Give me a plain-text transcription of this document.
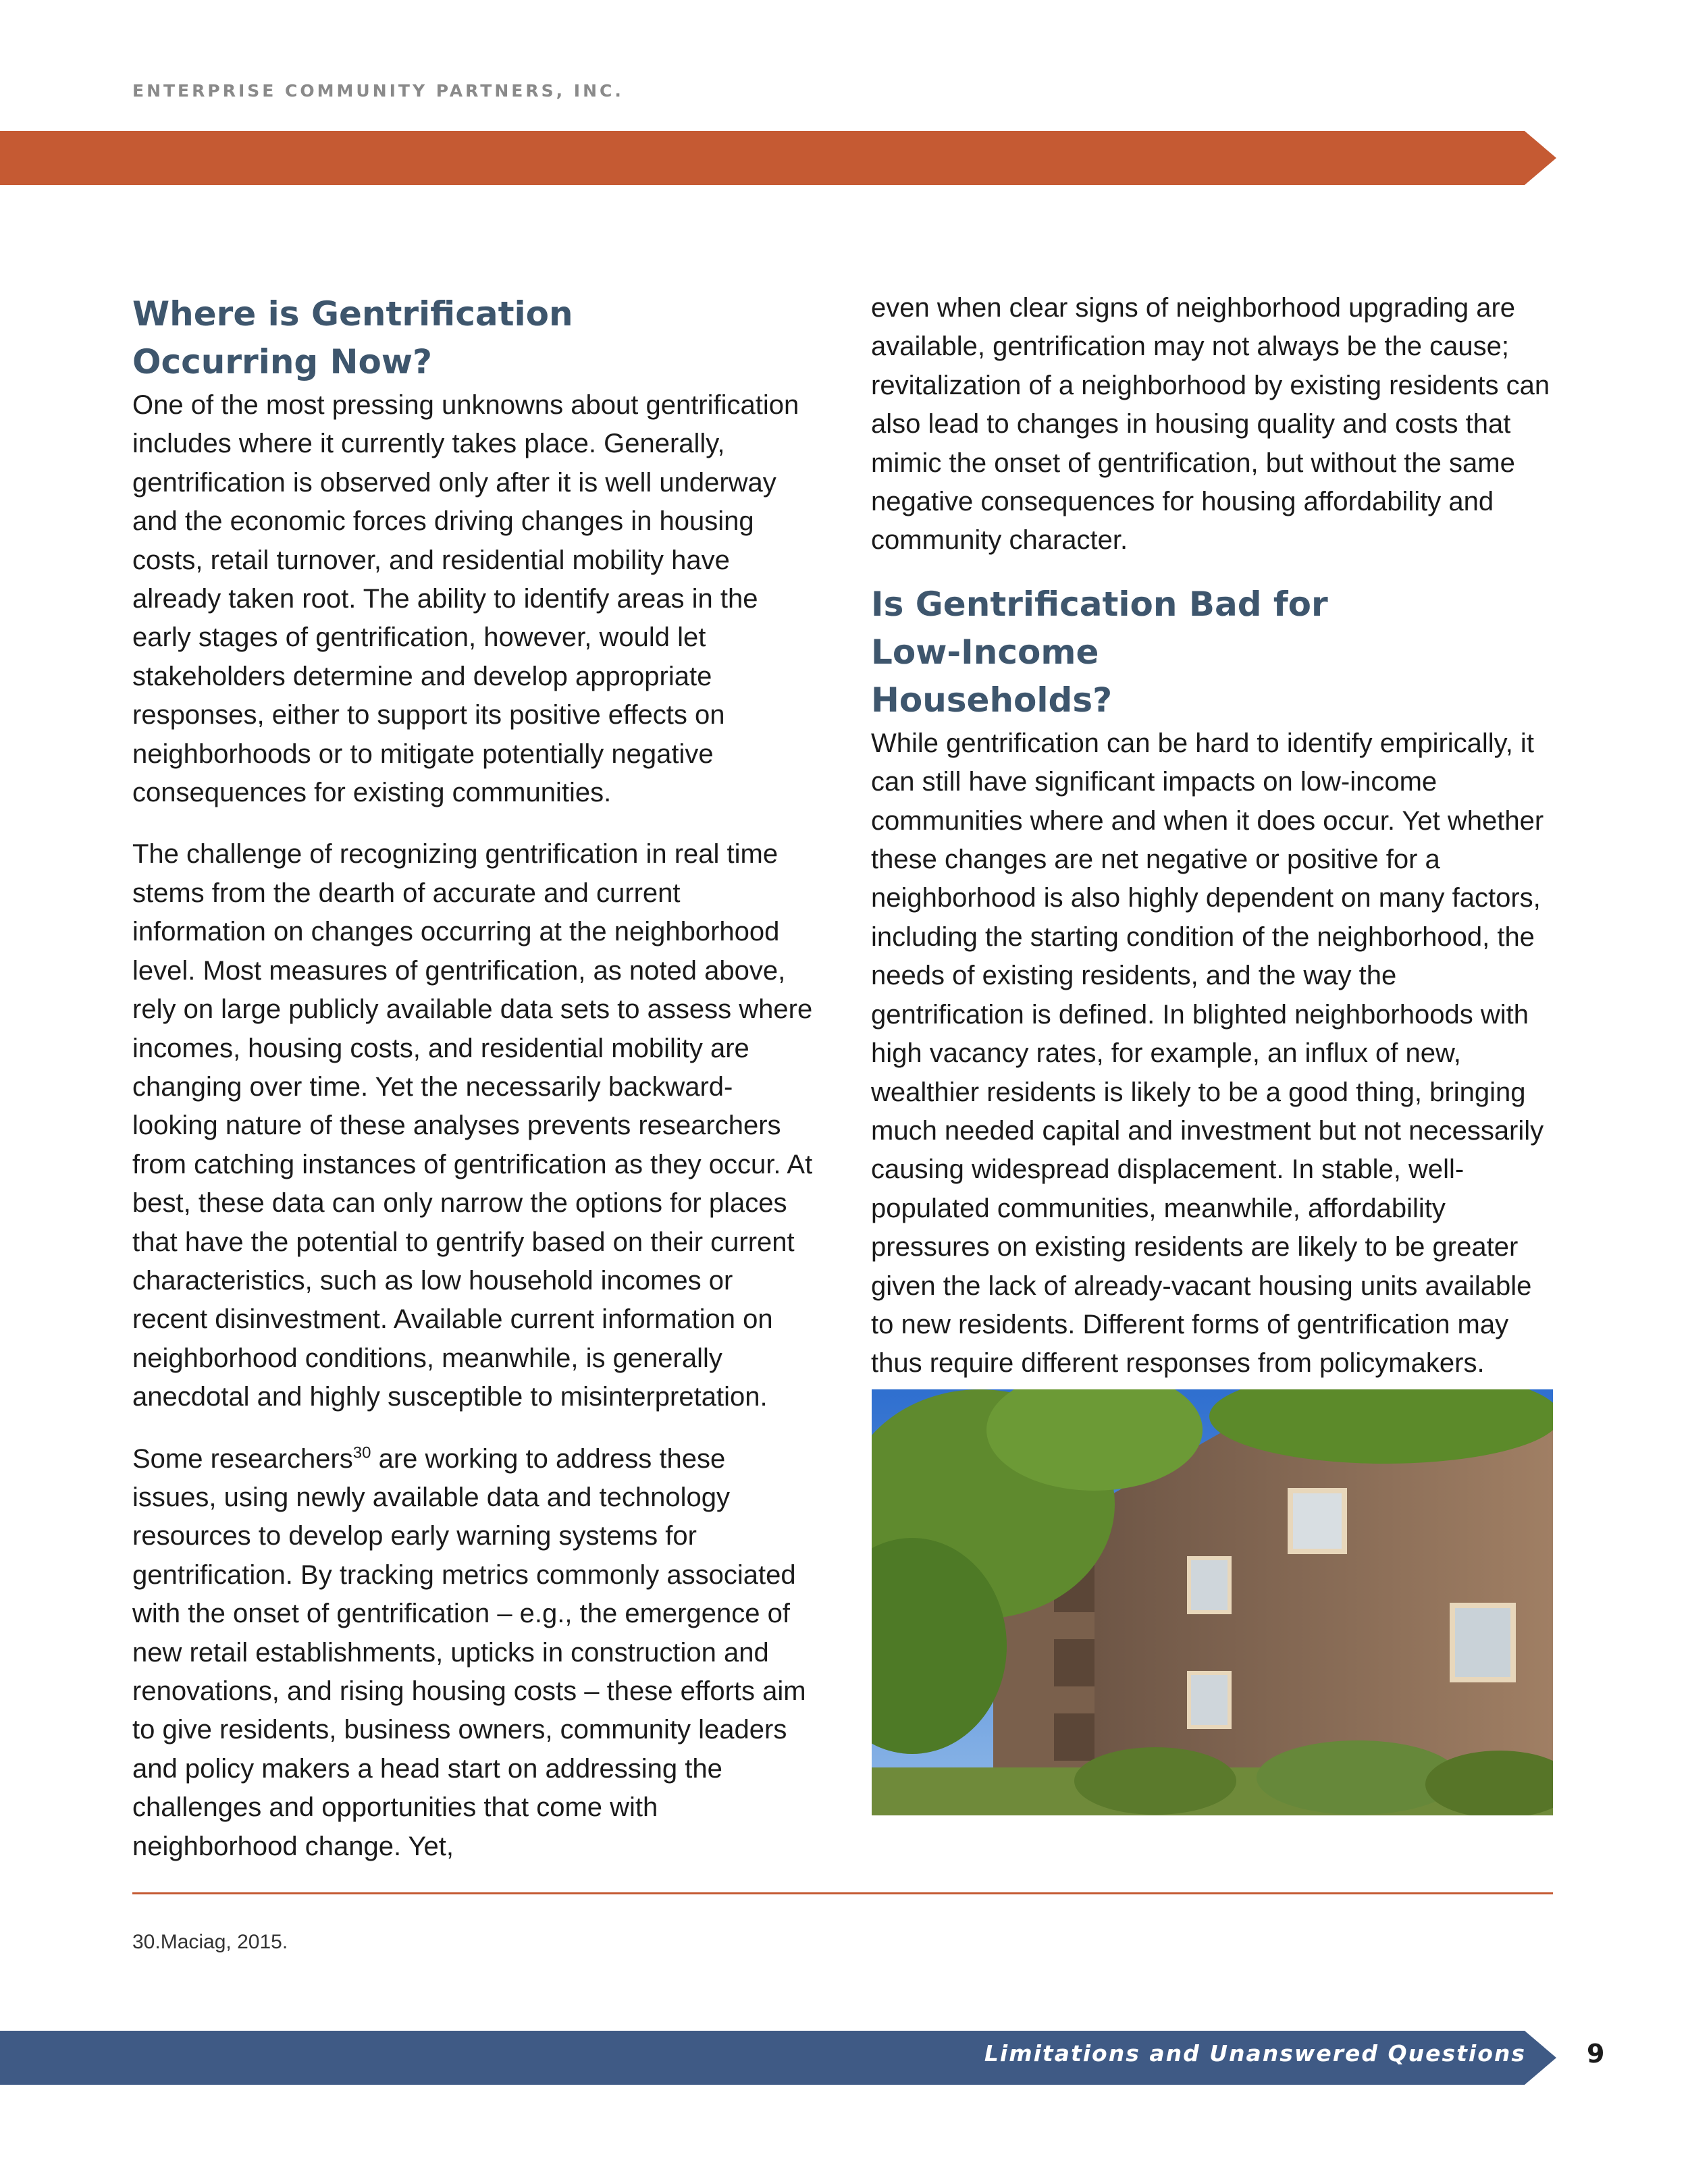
ENTERPRISE COMMUNITY PARTNERS, INC.
Where is Gentrification Occurring Now?

One of the most pressing unknowns about gentrification includes where it currently takes place. Generally, gentrification is observed only after it is well underway and the economic forces driving changes in housing costs, retail turnover, and residential mobility have already taken root. The ability to identify areas in the early stages of gentrification, however, would let stakeholders determine and develop appropriate responses, either to support its positive effects on neighborhoods or to mitigate potentially negative consequences for existing communities.

The challenge of recognizing gentrification in real time stems from the dearth of accurate and current information on changes occurring at the neighborhood level. Most measures of gentrification, as noted above, rely on large publicly available data sets to assess where incomes, housing costs, and residential mobility are changing over time. Yet the necessarily backward-looking nature of these analyses prevents researchers from catching instances of gentrification as they occur. At best, these data can only narrow the options for places that have the potential to gentrify based on their current characteristics, such as low household incomes or recent disinvestment. Available current information on neighborhood conditions, meanwhile, is generally anecdotal and highly susceptible to misinterpretation.

Some researchers$^{30}$ are working to address these issues, using newly available data and technology resources to develop early warning systems for gentrification. By tracking metrics commonly associated with the onset of gentrification – e.g., the emergence of new retail establishments, upticks in construction and renovations, and rising housing costs – these efforts aim to give residents, business owners, community leaders and policy makers a head start on addressing the challenges and opportunities that come with neighborhood change. Yet,

even when clear signs of neighborhood upgrading are available, gentrification may not always be the cause; revitalization of a neighborhood by existing residents can also lead to changes in housing quality and costs that mimic the onset of gentrification, but without the same negative consequences for housing affordability and community character.

Is Gentrification Bad for Low-Income Households?

While gentrification can be hard to identify empirically, it can still have significant impacts on low-income communities where and when it does occur. Yet whether these changes are net negative or positive for a neighborhood is also highly dependent on many factors, including the starting condition of the neighborhood, the needs of existing residents, and the way the gentrification is defined. In blighted neighborhoods with high vacancy rates, for example, an influx of new, wealthier residents is likely to be a good thing, bringing much needed capital and investment but not necessarily causing widespread displacement. In stable, well-populated communities, meanwhile, affordability pressures on existing residents are likely to be greater given the lack of already-vacant housing units available to new residents. Different forms of gentrification may thus require different responses from policymakers.

30.Maciag, 2015.
Limitations and Unanswered Questions 9
